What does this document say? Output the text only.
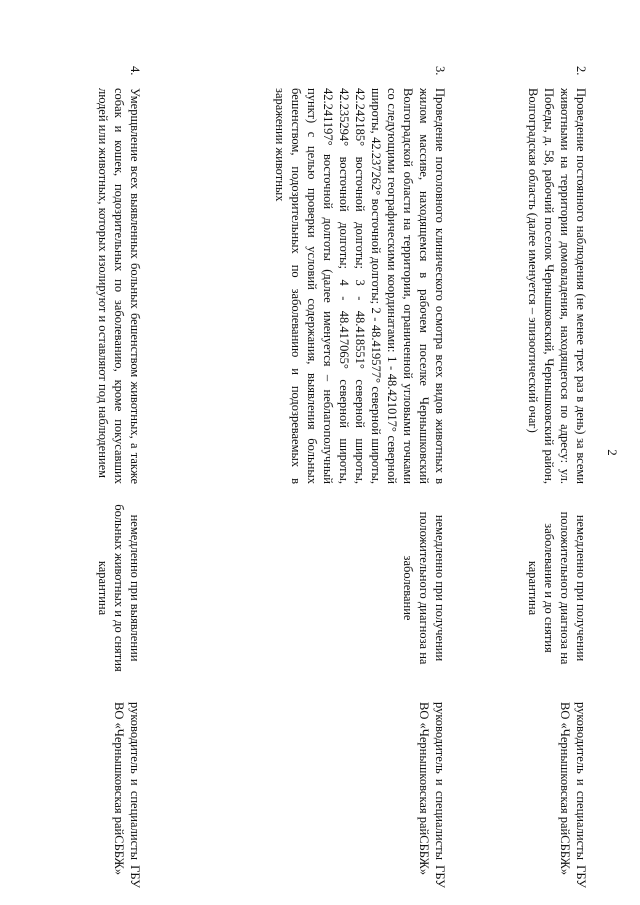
2
2.
Проведение постоянного наблюдения (не менее трех раз в день) за всеми животными на территории домовладения, находящегося по адресу: ул. Победы, д. 58, рабочий поселок Чернышковский, Чернышковский район, Волгоградская область (далее именуется – эпизоотический очаг)
немедленно при получении положительного диагноза на заболевание и до снятия карантина
руководитель и специалисты ГБУ ВО «Чернышковская райСББЖ»
3.
Проведение поголовного клинического осмотра всех видов животных в жилом массиве, находящемся в рабочем поселке Чернышковский Волгоградской области на территории, ограниченной угловыми точками со следующими географическими координатами: 1 - 48.421017° северной широты, 42.237262° восточной долготы; 2 - 48.419577° северной широты, 42.242185° восточной долготы; 3 - 48.418551° северной широты, 42.235294° восточной долготы; 4 - 48.417065° северной широты, 42.241197° восточной долготы (далее именуется – неблагополучный пункт) с целью проверки условий содержания, выявления больных бешенством, подозрительных по заболеванию и подозреваемых в заражении животных
немедленно при получении положительного диагноза на заболевание
руководитель и специалисты ГБУ ВО «Чернышковская райСББЖ»
4.
Умерщвление всех выявленных больных бешенством животных, а также собак и кошек, подозрительных по заболеванию, кроме покусавших людей или животных, которых изолируют и оставляют под наблюдением
немедленно при выявлении больных животных и до снятия карантина
руководитель и специалисты ГБУ ВО «Чернышковская райСББЖ»
